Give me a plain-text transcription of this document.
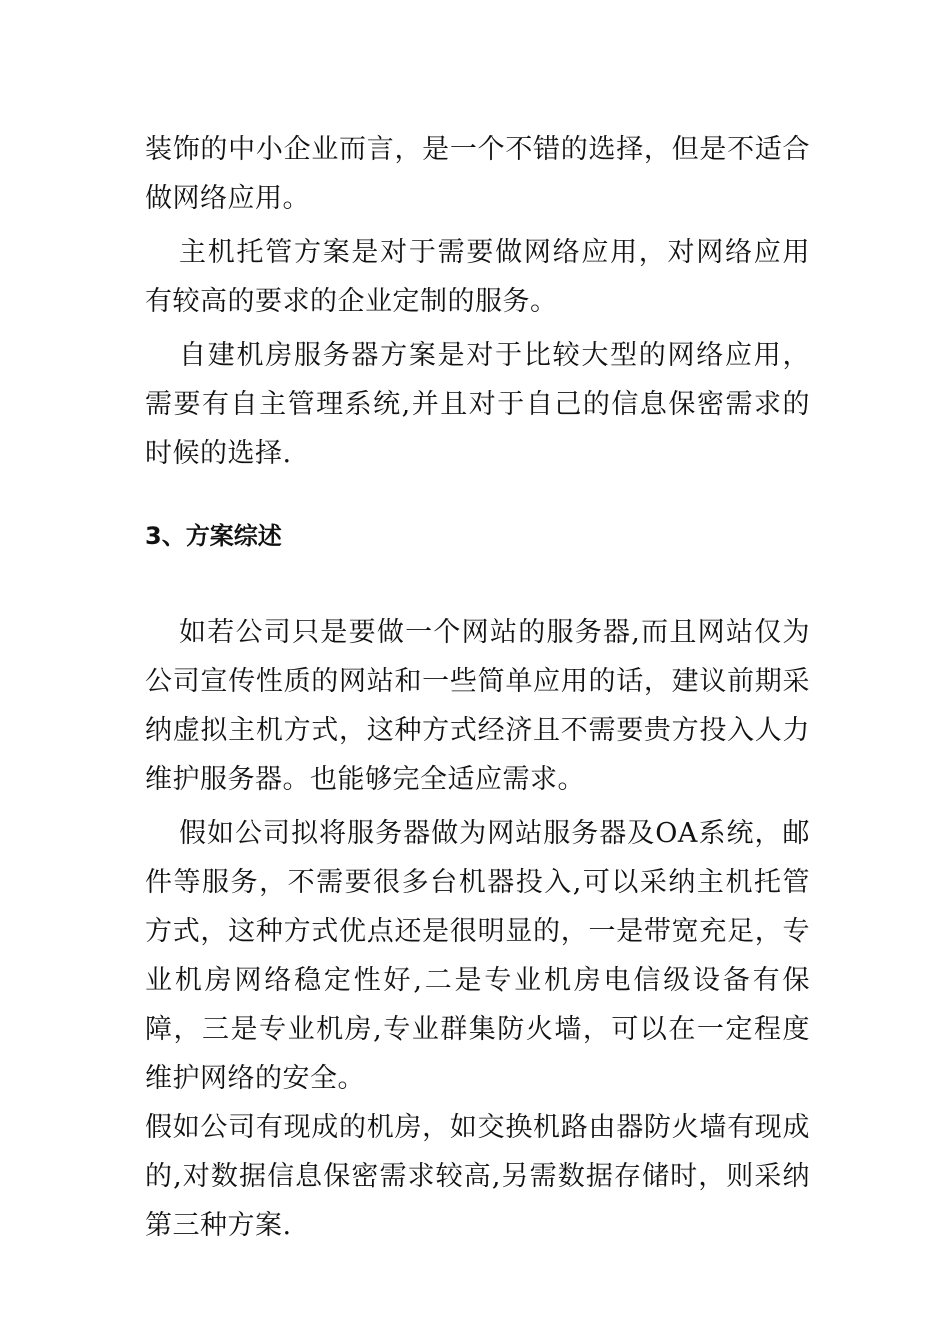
装饰的中小企业而言，是一个不错的选择，但是不适合做网络应用。

主机托管方案是对于需要做网络应用，对网络应用有较高的要求的企业定制的服务。

自建机房服务器方案是对于比较大型的网络应用，需要有自主管理系统,并且对于自己的信息保密需求的时候的选择.

3、方案综述

如若公司只是要做一个网站的服务器,而且网站仅为公司宣传性质的网站和一些简单应用的话，建议前期采纳虚拟主机方式，这种方式经济且不需要贵方投入人力维护服务器。也能够完全适应需求。

假如公司拟将服务器做为网站服务器及OA系统，邮件等服务，不需要很多台机器投入,可以采纳主机托管方式，这种方式优点还是很明显的，一是带宽充足，专业机房网络稳定性好,二是专业机房电信级设备有保障，三是专业机房,专业群集防火墙，可以在一定程度维护网络的安全。

假如公司有现成的机房，如交换机路由器防火墙有现成的,对数据信息保密需求较高,另需数据存储时，则采纳第三种方案.
